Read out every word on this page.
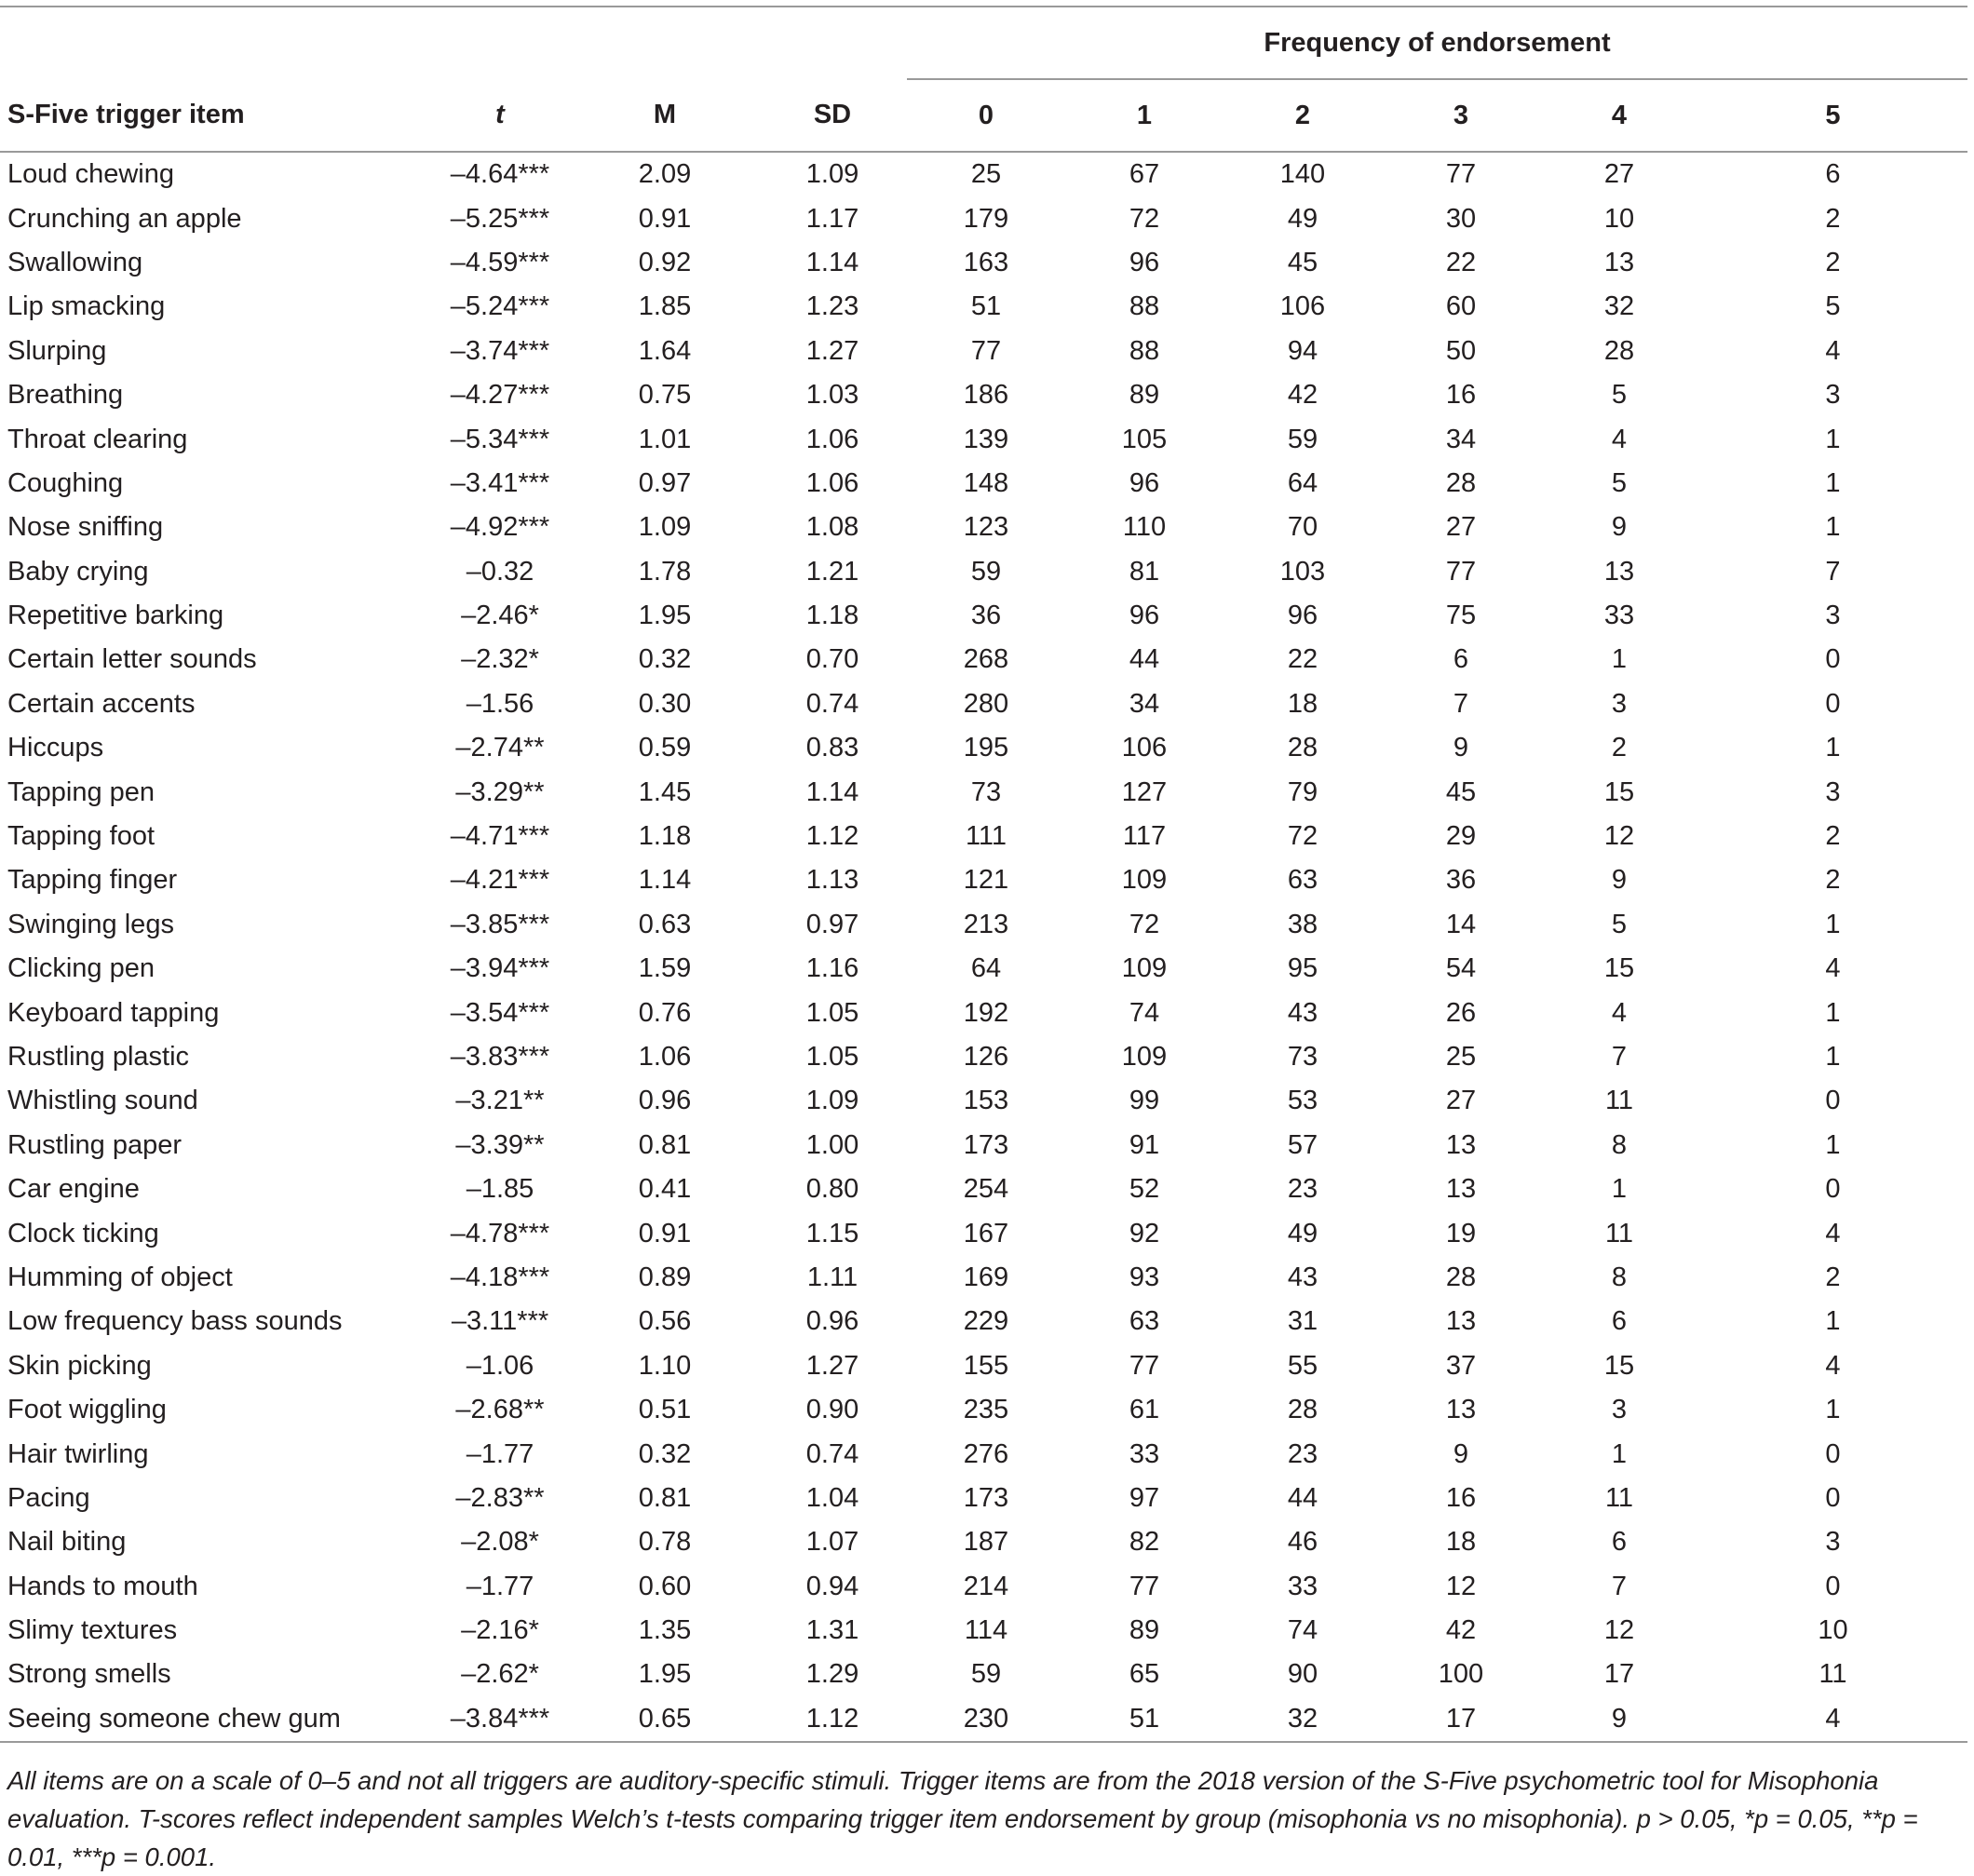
				Frequency of endorsement					
S-Five trigger item	t	M	SD	0	1	2	3	4	5
Loud chewing	–4.64***	2.09	1.09	25	67	140	77	27	6
Crunching an apple	–5.25***	0.91	1.17	179	72	49	30	10	2
Swallowing	–4.59***	0.92	1.14	163	96	45	22	13	2
Lip smacking	–5.24***	1.85	1.23	51	88	106	60	32	5
Slurping	–3.74***	1.64	1.27	77	88	94	50	28	4
Breathing	–4.27***	0.75	1.03	186	89	42	16	5	3
Throat clearing	–5.34***	1.01	1.06	139	105	59	34	4	1
Coughing	–3.41***	0.97	1.06	148	96	64	28	5	1
Nose sniffing	–4.92***	1.09	1.08	123	110	70	27	9	1
Baby crying	–0.32	1.78	1.21	59	81	103	77	13	7
Repetitive barking	–2.46*	1.95	1.18	36	96	96	75	33	3
Certain letter sounds	–2.32*	0.32	0.70	268	44	22	6	1	0
Certain accents	–1.56	0.30	0.74	280	34	18	7	3	0
Hiccups	–2.74**	0.59	0.83	195	106	28	9	2	1
Tapping pen	–3.29**	1.45	1.14	73	127	79	45	15	3
Tapping foot	–4.71***	1.18	1.12	111	117	72	29	12	2
Tapping finger	–4.21***	1.14	1.13	121	109	63	36	9	2
Swinging legs	–3.85***	0.63	0.97	213	72	38	14	5	1
Clicking pen	–3.94***	1.59	1.16	64	109	95	54	15	4
Keyboard tapping	–3.54***	0.76	1.05	192	74	43	26	4	1
Rustling plastic	–3.83***	1.06	1.05	126	109	73	25	7	1
Whistling sound	–3.21**	0.96	1.09	153	99	53	27	11	0
Rustling paper	–3.39**	0.81	1.00	173	91	57	13	8	1
Car engine	–1.85	0.41	0.80	254	52	23	13	1	0
Clock ticking	–4.78***	0.91	1.15	167	92	49	19	11	4
Humming of object	–4.18***	0.89	1.11	169	93	43	28	8	2
Low frequency bass sounds	–3.11***	0.56	0.96	229	63	31	13	6	1
Skin picking	–1.06	1.10	1.27	155	77	55	37	15	4
Foot wiggling	–2.68**	0.51	0.90	235	61	28	13	3	1
Hair twirling	–1.77	0.32	0.74	276	33	23	9	1	0
Pacing	–2.83**	0.81	1.04	173	97	44	16	11	0
Nail biting	–2.08*	0.78	1.07	187	82	46	18	6	3
Hands to mouth	–1.77	0.60	0.94	214	77	33	12	7	0
Slimy textures	–2.16*	1.35	1.31	114	89	74	42	12	10
Strong smells	–2.62*	1.95	1.29	59	65	90	100	17	11
Seeing someone chew gum	–3.84***	0.65	1.12	230	51	32	17	9	4
All items are on a scale of 0–5 and not all triggers are auditory-specific stimuli. Trigger items are from the 2018 version of the S-Five psychometric tool for Misophonia evaluation. T-scores reflect independent samples Welch’s t-tests comparing trigger item endorsement by group (misophonia vs no misophonia). p > 0.05, *p = 0.05, **p = 0.01, ***p = 0.001.
